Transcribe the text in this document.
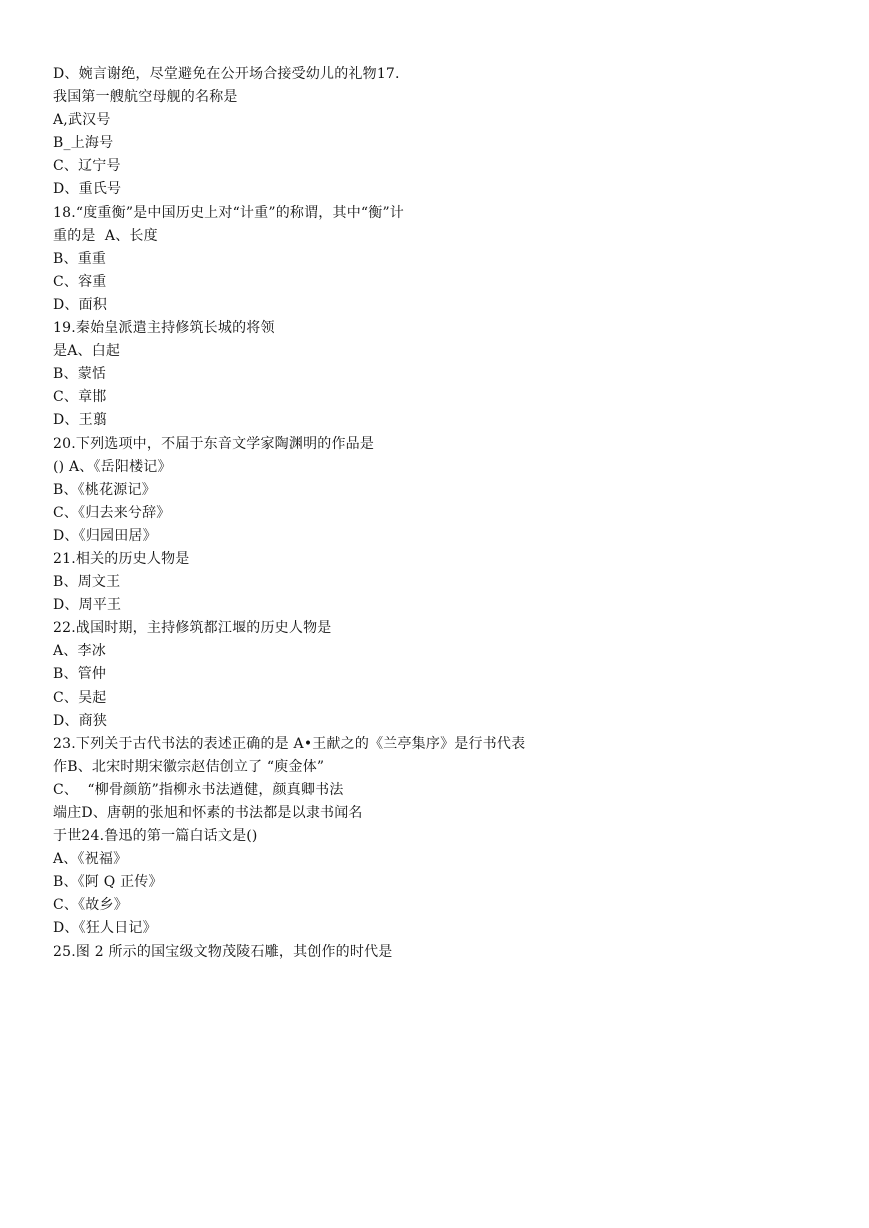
D、婉言谢绝，尽堂避免在公开场合接受幼儿的礼物17.
我国第一艘航空母舰的名称是
A,武汉号
B_上海号
C、辽宁号
D、重氏号
18.“度重衡”是中国历史上对“计重”的称谓，其中“衡”计
重的是  A、长度
B、重重
C、容重
D、面积
19.秦始皇派遣主持修筑长城的将领
是A、白起
B、蒙恬
C、章邯
D、王翦
20.下列选项中，不届于东音文学家陶渊明的作品是
() A、《岳阳楼记》
B、《桃花源记》
C、《归去来兮辞》
D、《归园田居》
21.相关的历史人物是
B、周文王
D、周平王
22.战国时期，主持修筑都江堰的历史人物是
A、李冰
B、管仲
C、吴起
D、商狭
23.下列关于古代书法的表述正确的是 A•王献之的《兰亭集序》是行书代表
作B、北宋时期宋徽宗赵佶创立了 “庾金体”
C、  “柳骨颜筋”指柳永书法遒健，颜真卿书法
端庄D、唐朝的张旭和怀素的书法都是以隶书闻名
于世24.鲁迅的第一篇白话文是()
A、《祝福》
B、《阿 Q 正传》
C、《故乡》
D、《狂人日记》
25.图 2 所示的国宝级文物茂陵石雕，其创作的时代是
